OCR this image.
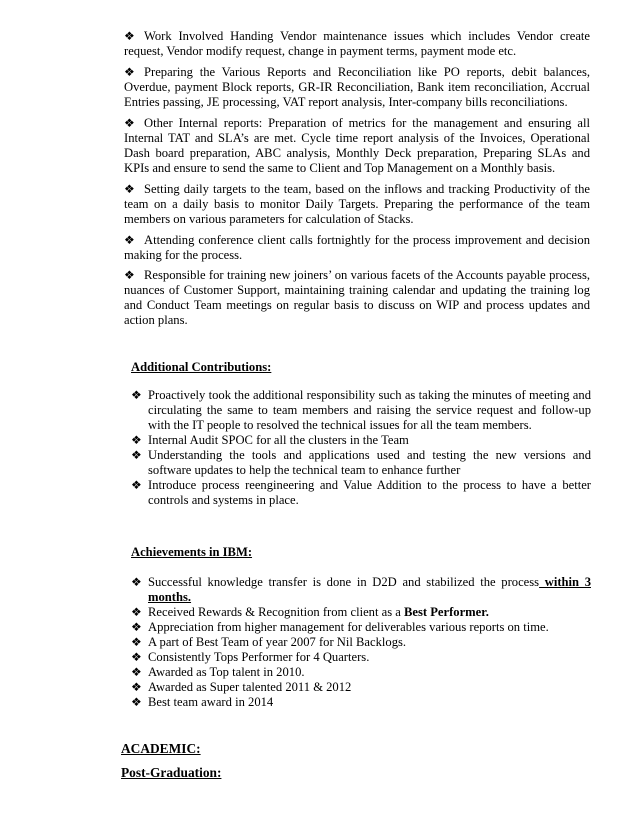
❖ Work Involved Handing Vendor maintenance issues which includes Vendor create request, Vendor modify request, change in payment terms, payment mode etc.

❖ Preparing the Various Reports and Reconciliation like PO reports, debit balances, Overdue, payment Block reports, GR-IR Reconciliation, Bank item reconciliation, Accrual Entries passing, JE processing, VAT report analysis, Inter-company bills reconciliations.

❖ Other Internal reports: Preparation of metrics for the management and ensuring all Internal TAT and SLA’s are met. Cycle time report analysis of the Invoices, Operational Dash board preparation, ABC analysis, Monthly Deck preparation, Preparing SLAs and KPIs and ensure to send the same to Client and Top Management on a Monthly basis.

❖ Setting daily targets to the team, based on the inflows and tracking Productivity of the team on a daily basis to monitor Daily Targets. Preparing the performance of the team members on various parameters for calculation of Stacks.

❖ Attending conference client calls fortnightly for the process improvement and decision making for the process.

❖ Responsible for training new joiners’ on various facets of the Accounts payable process, nuances of Customer Support, maintaining training calendar and updating the training log and Conduct Team meetings on regular basis to discuss on WIP and process updates and action plans.

Additional Contributions:
❖ Proactively took the additional responsibility such as taking the minutes of meeting and circulating the same to team members and raising the service request and follow-up with the IT people to resolved the technical issues for all the team members.
❖ Internal Audit SPOC for all the clusters in the Team
❖ Understanding the tools and applications used and testing the new versions and software updates to help the technical team to enhance further
❖ Introduce process reengineering and Value Addition to the process to have a better controls and systems in place.
Achievements in IBM:
❖ Successful knowledge transfer is done in D2D and stabilized the process within 3 months.
❖ Received Rewards & Recognition from client as a Best Performer.
❖ Appreciation from higher management for deliverables various reports on time.
❖ A part of Best Team of year 2007 for Nil Backlogs.
❖ Consistently Tops Performer for 4 Quarters.
❖ Awarded as Top talent in 2010.
❖ Awarded as Super talented 2011 & 2012
❖ Best team award in 2014
ACADEMIC:
Post-Graduation:
